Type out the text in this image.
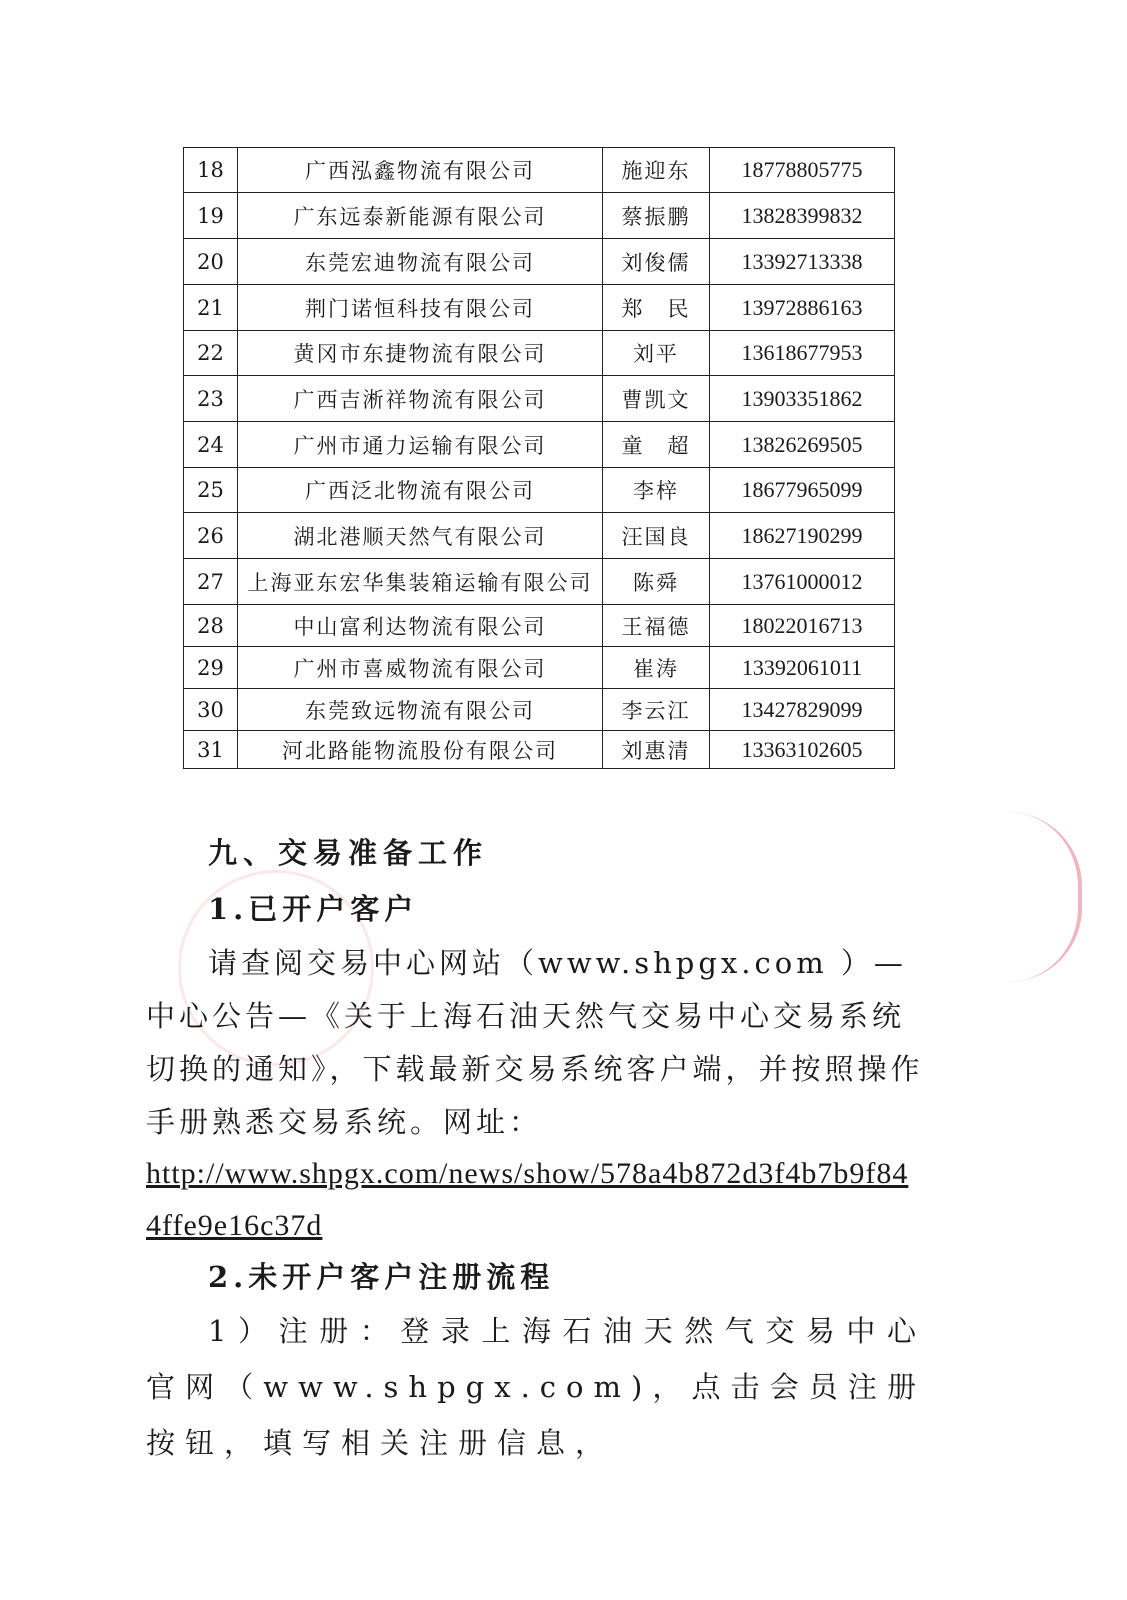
18	广西泓鑫物流有限公司	施迎东	18778805775
19	广东远泰新能源有限公司	蔡振鹏	13828399832
20	东莞宏迪物流有限公司	刘俊儒	13392713338
21	荆门诺恒科技有限公司	郑　民	13972886163
22	黄冈市东捷物流有限公司	刘平	13618677953
23	广西吉淅祥物流有限公司	曹凯文	13903351862
24	广州市通力运输有限公司	童　超	13826269505
25	广西泛北物流有限公司	李梓	18677965099
26	湖北港顺天然气有限公司	汪国良	18627190299
27	上海亚东宏华集装箱运输有限公司	陈舜	13761000012
28	中山富利达物流有限公司	王福德	18022016713
29	广州市喜威物流有限公司	崔涛	13392061011
30	东莞致远物流有限公司	李云江	13427829099
31	河北路能物流股份有限公司	刘惠清	13363102605
九、交易准备工作
1.已开户客户
请查阅交易中心网站（www.shpgx.com ）—中心公告—《关于上海石油天然气交易中心交易系统切换的通知》，下载最新交易系统客户端，并按照操作手册熟悉交易系统。网址：
http://www.shpgx.com/news/show/578a4b872d3f4b7b9f844ffe9e16c37d
2.未开户客户注册流程
1）注册：登录上海石油天然气交易中心官网（www.shpgx.com)，点击会员注册按钮，填写相关注册信息，
